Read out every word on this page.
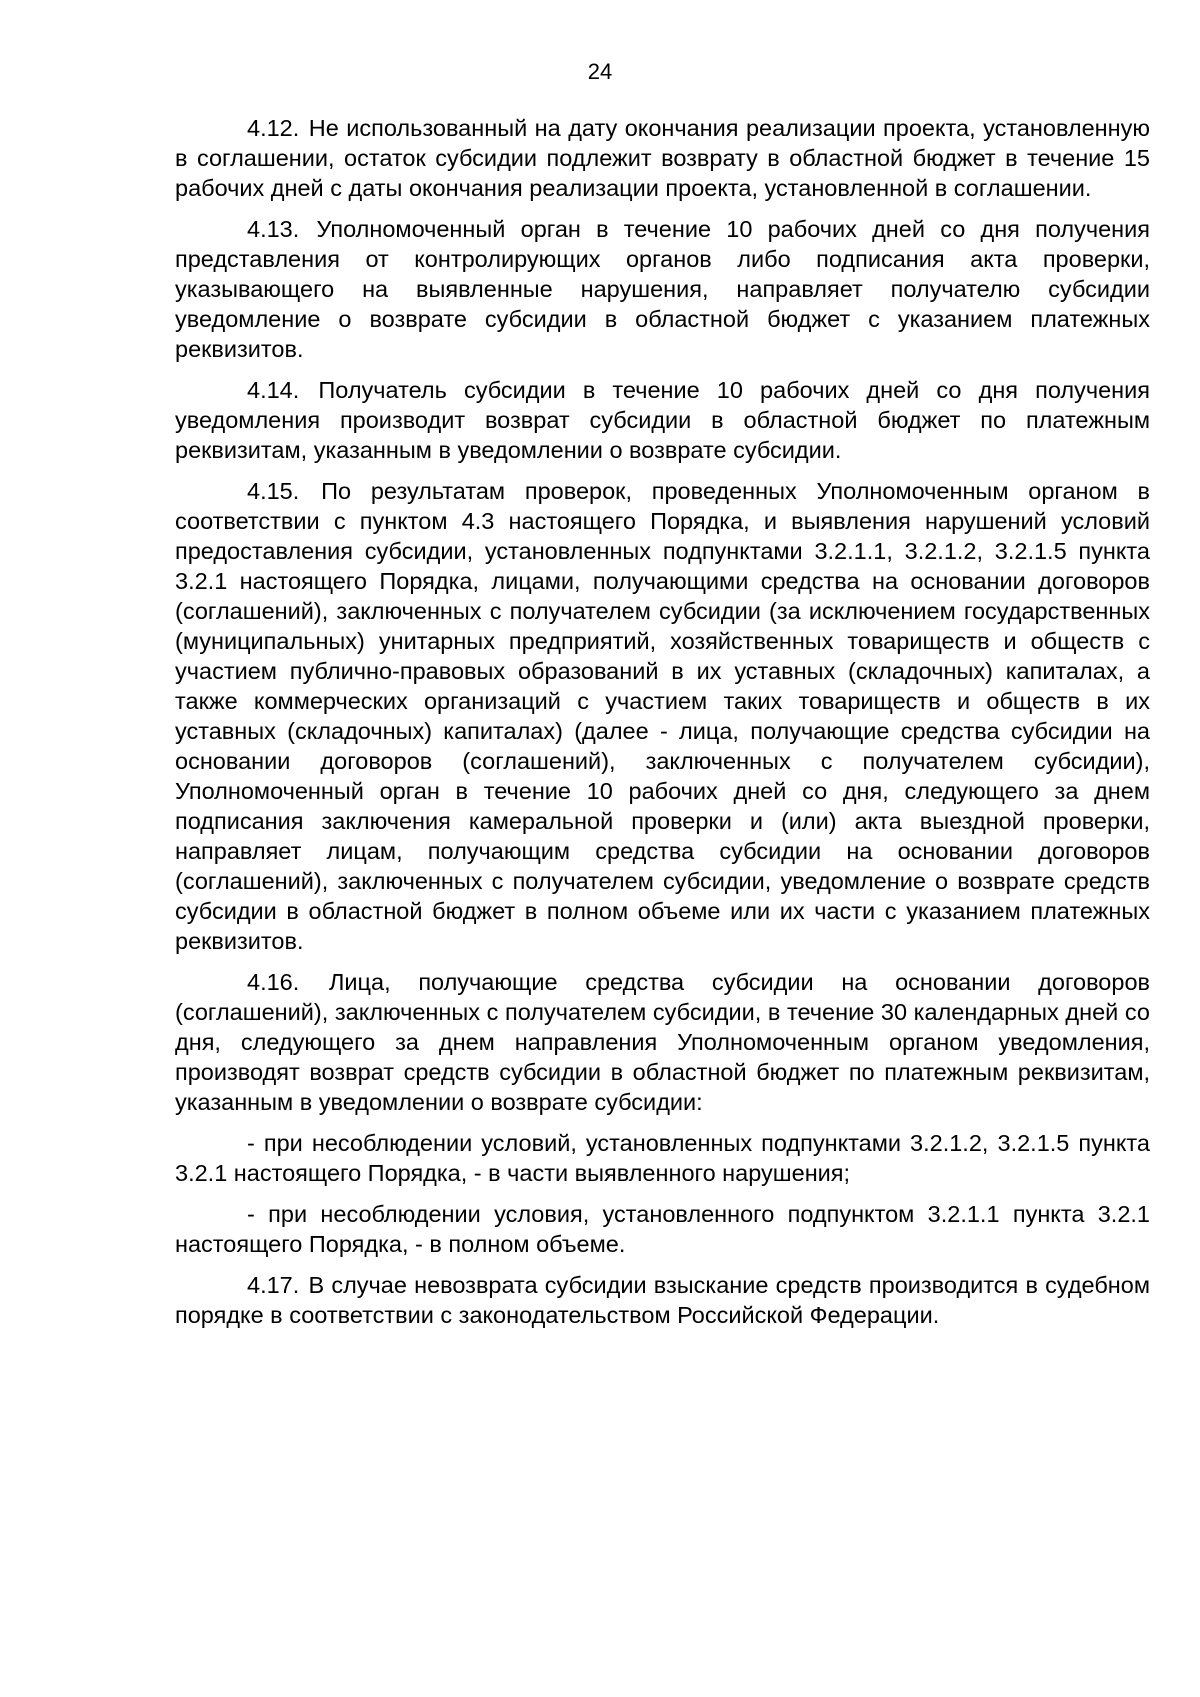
24

4.12. Не использованный на дату окончания реализации проекта, установленную в соглашении, остаток субсидии подлежит возврату в областной бюджет в течение 15 рабочих дней с даты окончания реализации проекта, установленной в соглашении.

4.13. Уполномоченный орган в течение 10 рабочих дней со дня получения представления от контролирующих органов либо подписания акта проверки, указывающего на выявленные нарушения, направляет получателю субсидии уведомление о возврате субсидии в областной бюджет с указанием платежных реквизитов.

4.14. Получатель субсидии в течение 10 рабочих дней со дня получения уведомления производит возврат субсидии в областной бюджет по платежным реквизитам, указанным в уведомлении о возврате субсидии.

4.15. По результатам проверок, проведенных Уполномоченным органом в соответствии с пунктом 4.3 настоящего Порядка, и выявления нарушений условий предоставления субсидии, установленных подпунктами 3.2.1.1, 3.2.1.2, 3.2.1.5 пункта 3.2.1 настоящего Порядка, лицами, получающими средства на основании договоров (соглашений), заключенных с получателем субсидии (за исключением государственных (муниципальных) унитарных предприятий, хозяйственных товариществ и обществ с участием публично-правовых образований в их уставных (складочных) капиталах, а также коммерческих организаций с участием таких товариществ и обществ в их уставных (складочных) капиталах) (далее - лица, получающие средства субсидии на основании договоров (соглашений), заключенных с получателем субсидии), Уполномоченный орган в течение 10 рабочих дней со дня, следующего за днем подписания заключения камеральной проверки и (или) акта выездной проверки, направляет лицам, получающим средства субсидии на основании договоров (соглашений), заключенных с получателем субсидии, уведомление о возврате средств субсидии в областной бюджет в полном объеме или их части с указанием платежных реквизитов.

4.16. Лица, получающие средства субсидии на основании договоров (соглашений), заключенных с получателем субсидии, в течение 30 календарных дней со дня, следующего за днем направления Уполномоченным органом уведомления, производят возврат средств субсидии в областной бюджет по платежным реквизитам, указанным в уведомлении о возврате субсидии:

- при несоблюдении условий, установленных подпунктами 3.2.1.2, 3.2.1.5 пункта 3.2.1 настоящего Порядка, - в части выявленного нарушения;

- при несоблюдении условия, установленного подпунктом 3.2.1.1 пункта 3.2.1 настоящего Порядка, - в полном объеме.

4.17. В случае невозврата субсидии взыскание средств производится в судебном порядке в соответствии с законодательством Российской Федерации.
